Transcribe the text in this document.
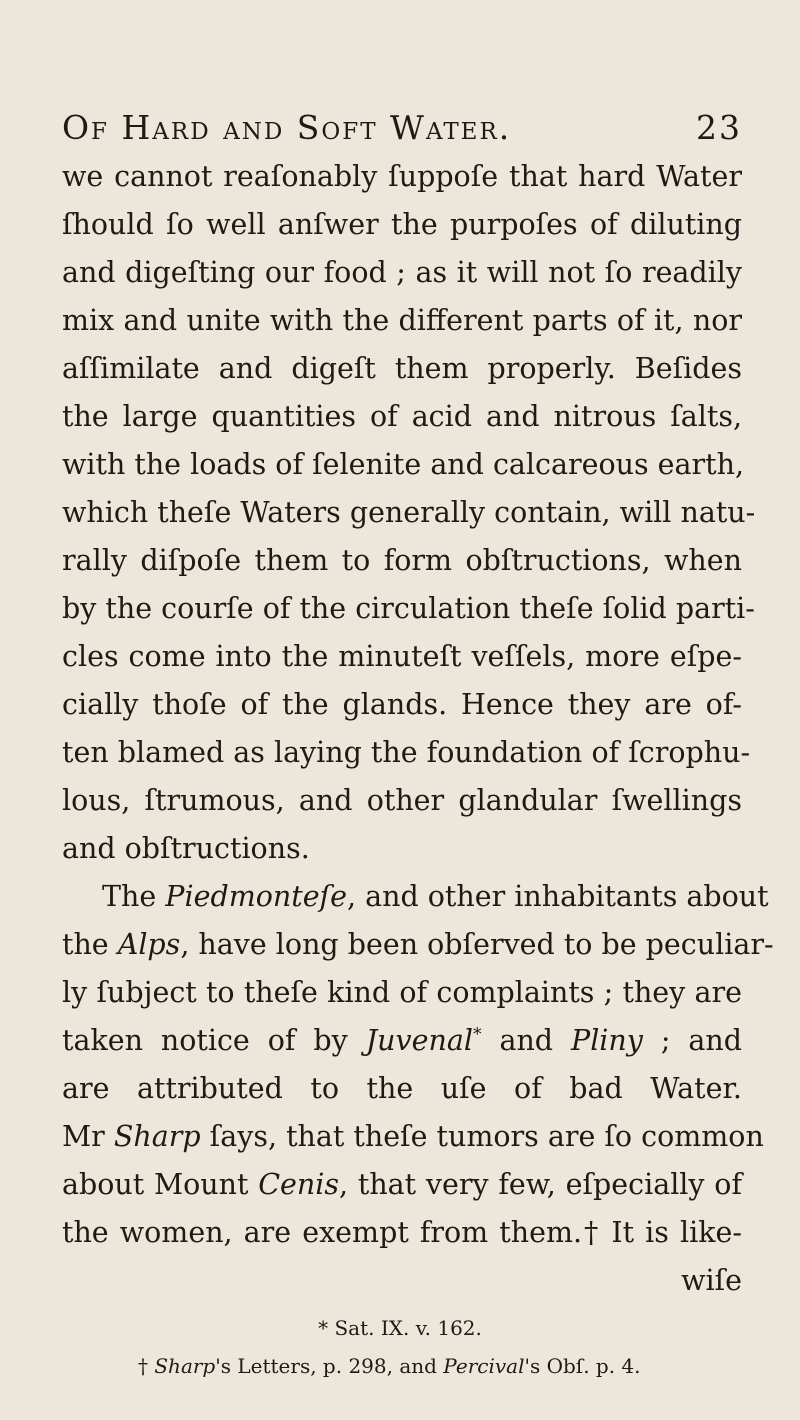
Of Hard and Soft Water.	23
we cannot reaſonably ſuppoſe that hard Water
ſhould ſo well anſwer the purpoſes of diluting
and digeſting our food ; as it will not ſo readily
mix and unite with the different parts of it, nor
aſſimilate and digeſt them properly. Beſides
the large quantities of acid and nitrous ſalts,
with the loads of ſelenite and calcareous earth,
which theſe Waters generally contain, will natu-
rally diſpoſe them to form obſtructions, when
by the courſe of the circulation theſe ſolid parti-
cles come into the minuteſt veſſels, more eſpe-
cially thoſe of the glands. Hence they are of-
ten blamed as laying the foundation of ſcrophu-
lous, ſtrumous, and other glandular ſwellings
and obſtructions.
The Piedmonteſe, and other inhabitants about
the Alps, have long been obſerved to be peculiar-
ly ſubject to theſe kind of complaints ; they are
taken notice of by Juvenal* and Pliny ; and
are attributed to the uſe of bad Water.
Mr Sharp ſays, that theſe tumors are ſo common
about Mount Cenis, that very few, eſpecially of
the women, are exempt from them.† It is like-
wiſe
* Sat. IX. v. 162.
† Sharp's Letters, p. 298, and Percival's Obſ. p. 4.
